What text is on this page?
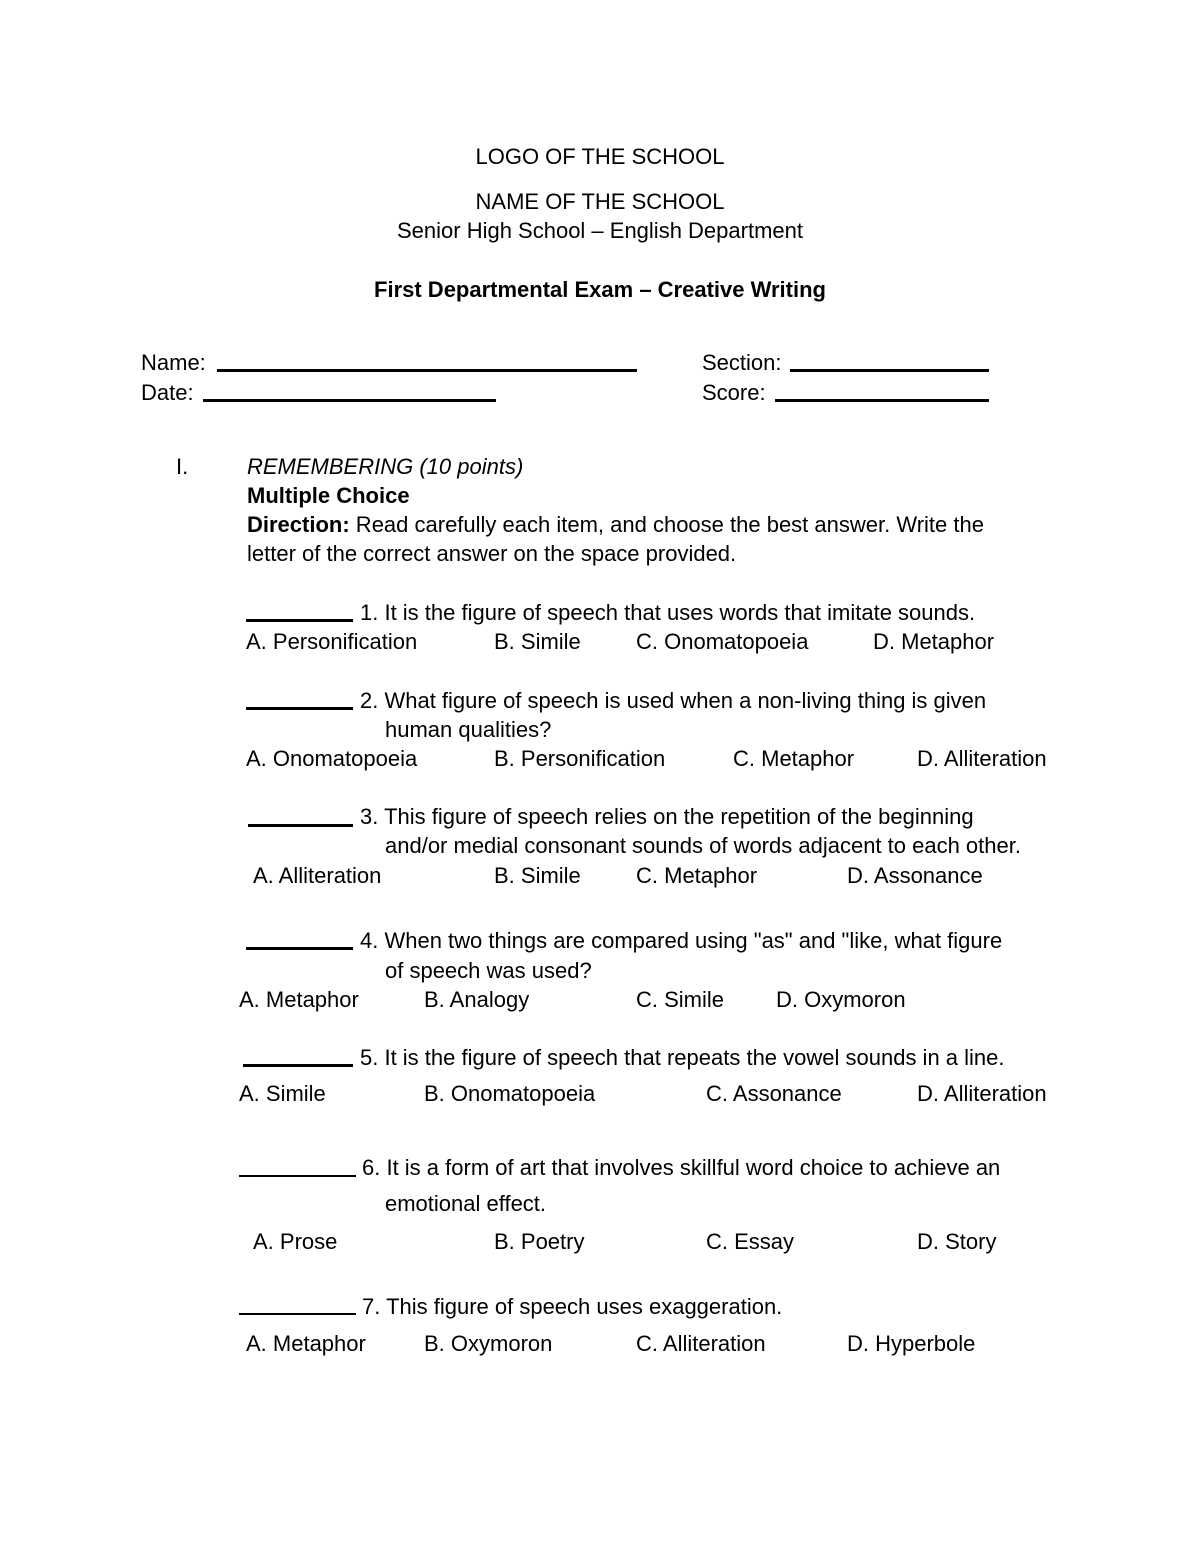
LOGO OF THE SCHOOL
NAME OF THE SCHOOL
Senior High School – English Department
First Departmental Exam – Creative Writing
Name:	Section:
Date:	Score:
I.	REMEMBERING (10 points)
Multiple Choice
Direction: Read carefully each item, and choose the best answer. Write the
letter of the correct answer on the space provided.
1. It is the figure of speech that uses words that imitate sounds.
A. Personification	B. Simile	C. Onomatopoeia	D. Metaphor
2. What figure of speech is used when a non-living thing is given
human qualities?
A. Onomatopoeia	B. Personification	C. Metaphor	D. Alliteration
3. This figure of speech relies on the repetition of the beginning
and/or medial consonant sounds of words adjacent to each other.
A. Alliteration	B. Simile	C. Metaphor	D. Assonance
4. When two things are compared using "as" and "like, what figure
of speech was used?
A. Metaphor	B. Analogy	C. Simile D. Oxymoron
5. It is the figure of speech that repeats the vowel sounds in a line.
A. Simile	B. Onomatopoeia	C. Assonance	D. Alliteration
6. It is a form of art that involves skillful word choice to achieve an
emotional effect.
A. Prose	B. Poetry	C. Essay	D. Story
7. This figure of speech uses exaggeration.
A. Metaphor	B. Oxymoron	C. Alliteration	D. Hyperbole
